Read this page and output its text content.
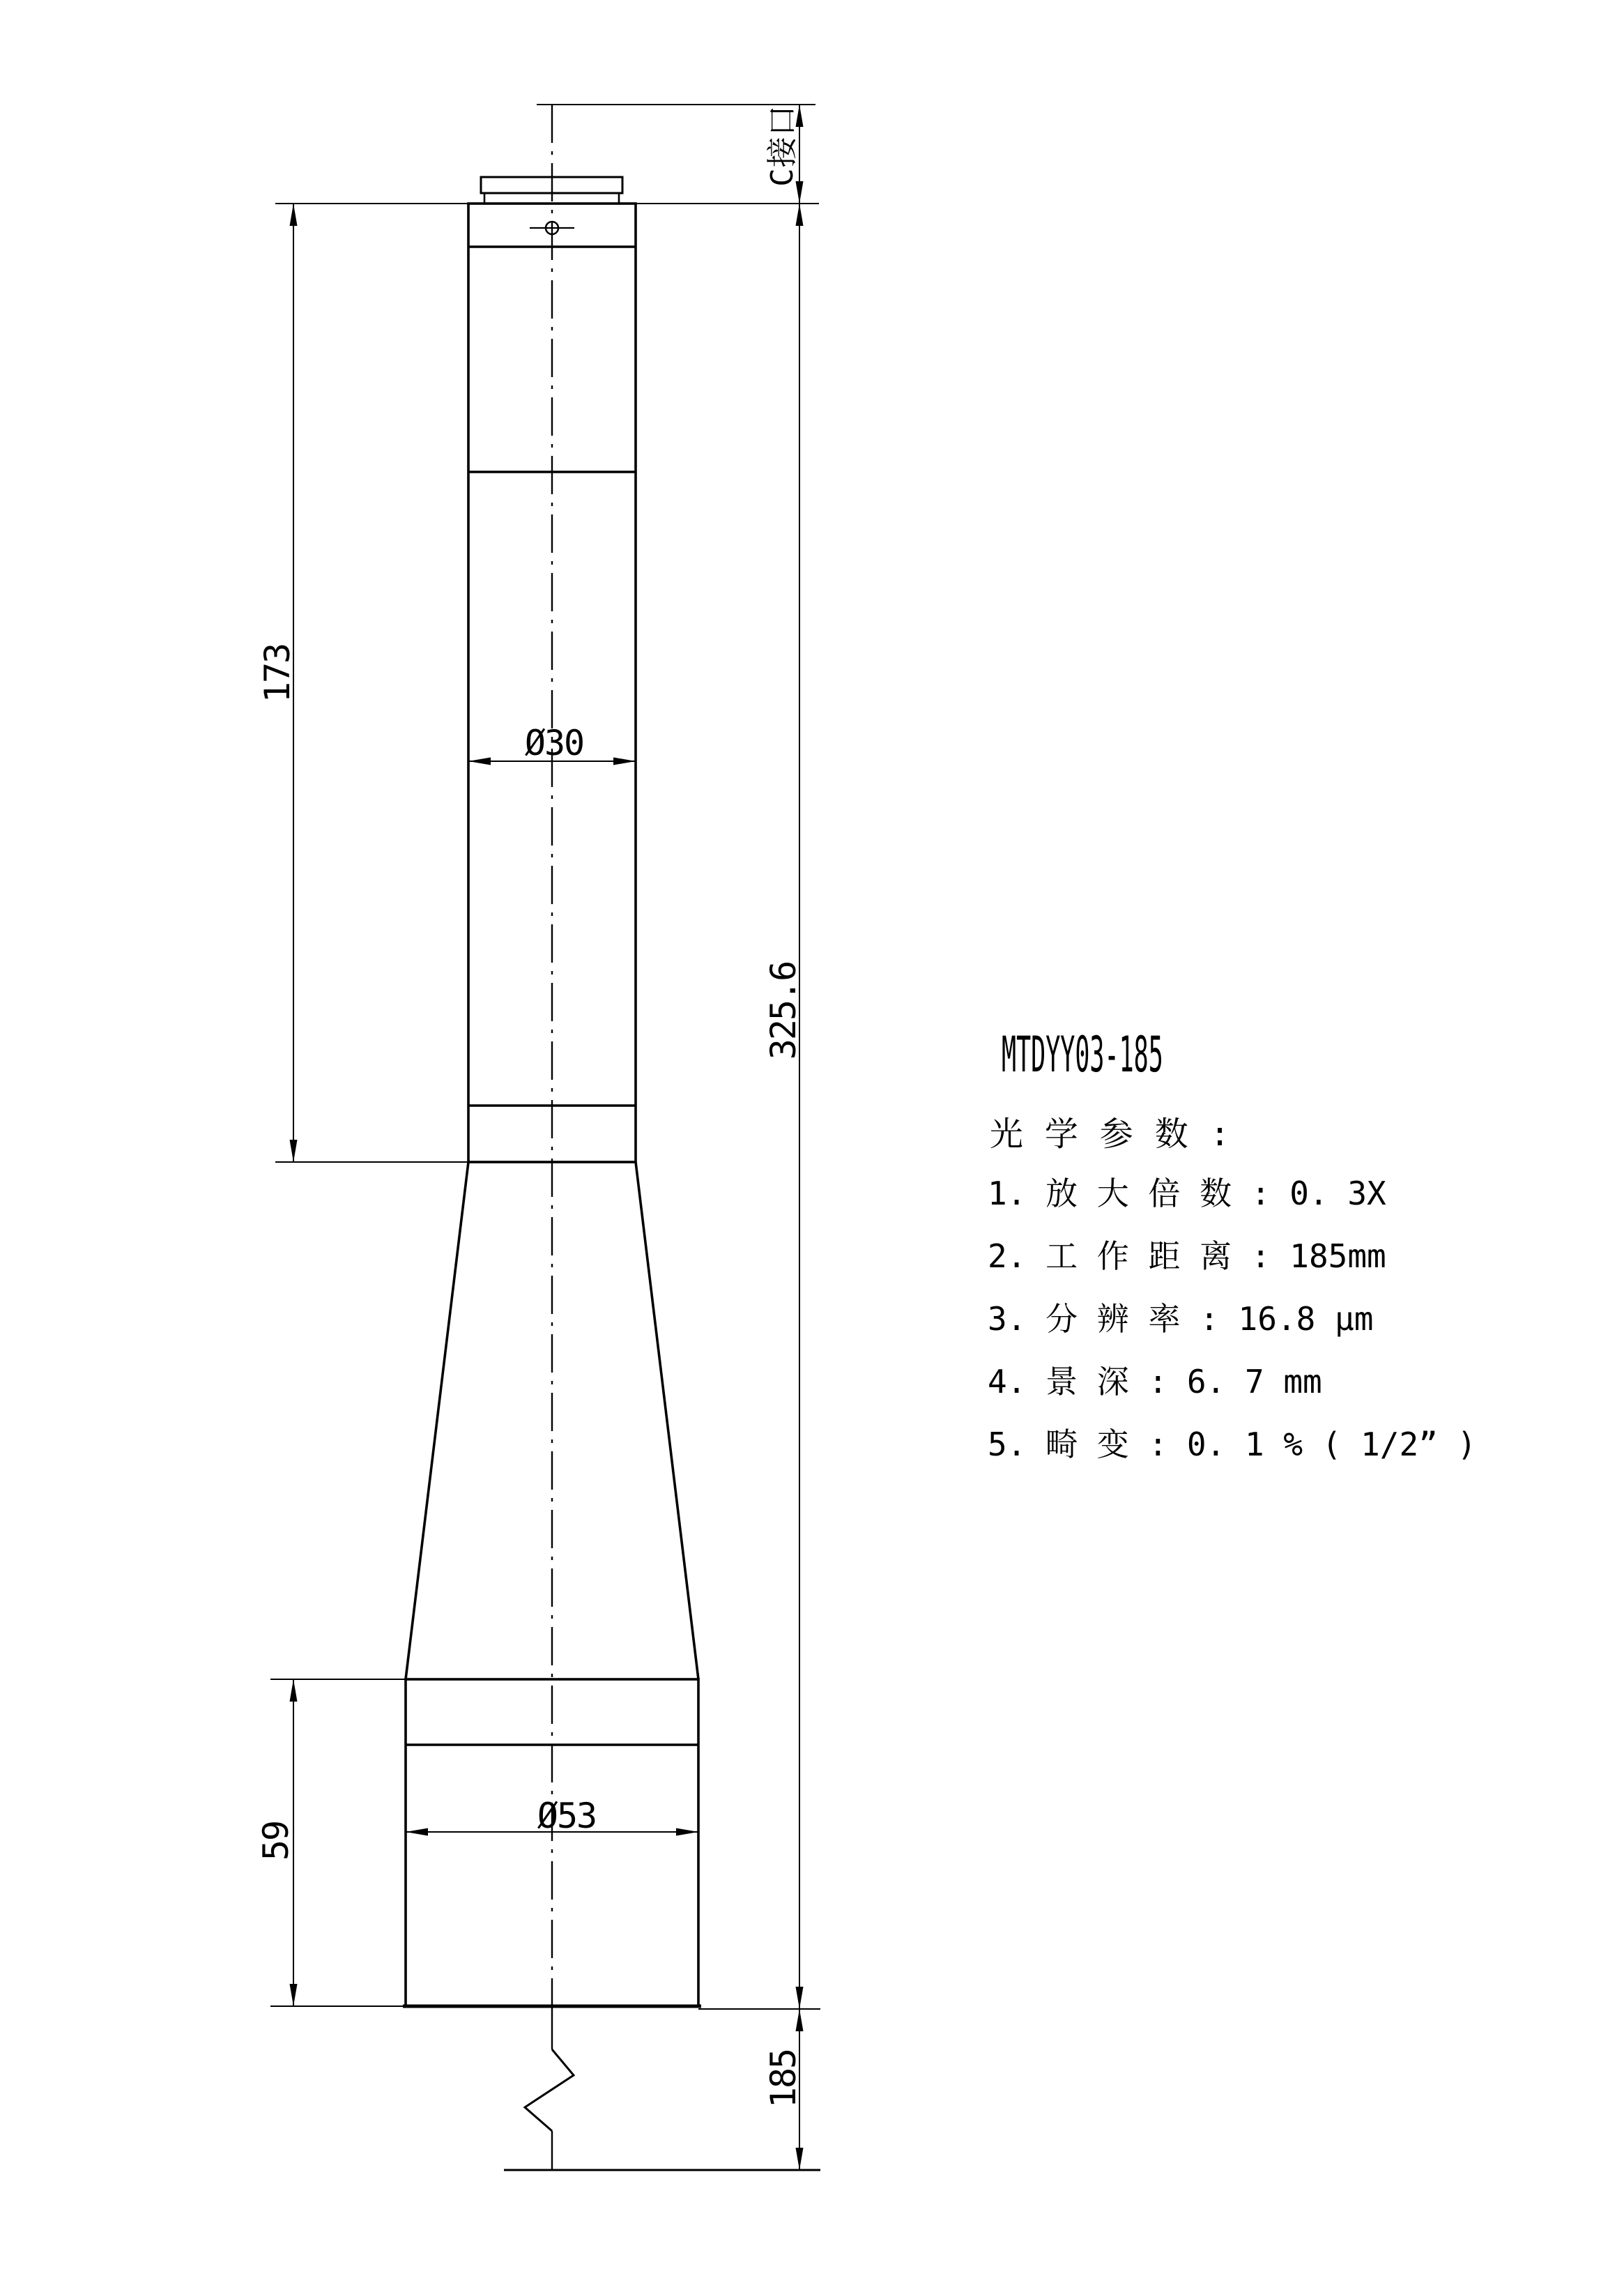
173
325.6
Ø30
Ø53
59
185
C接口
MTDYY03-185
光 学 参 数 :
1. 放 大 倍 数 : 0. 3X
2. 工 作 距 离 : 185mm
3. 分 辨 率 : 16.8 μm
4. 景 深 : 6. 7 mm
5. 畸 变 : 0. 1 % ( 1/2” )
